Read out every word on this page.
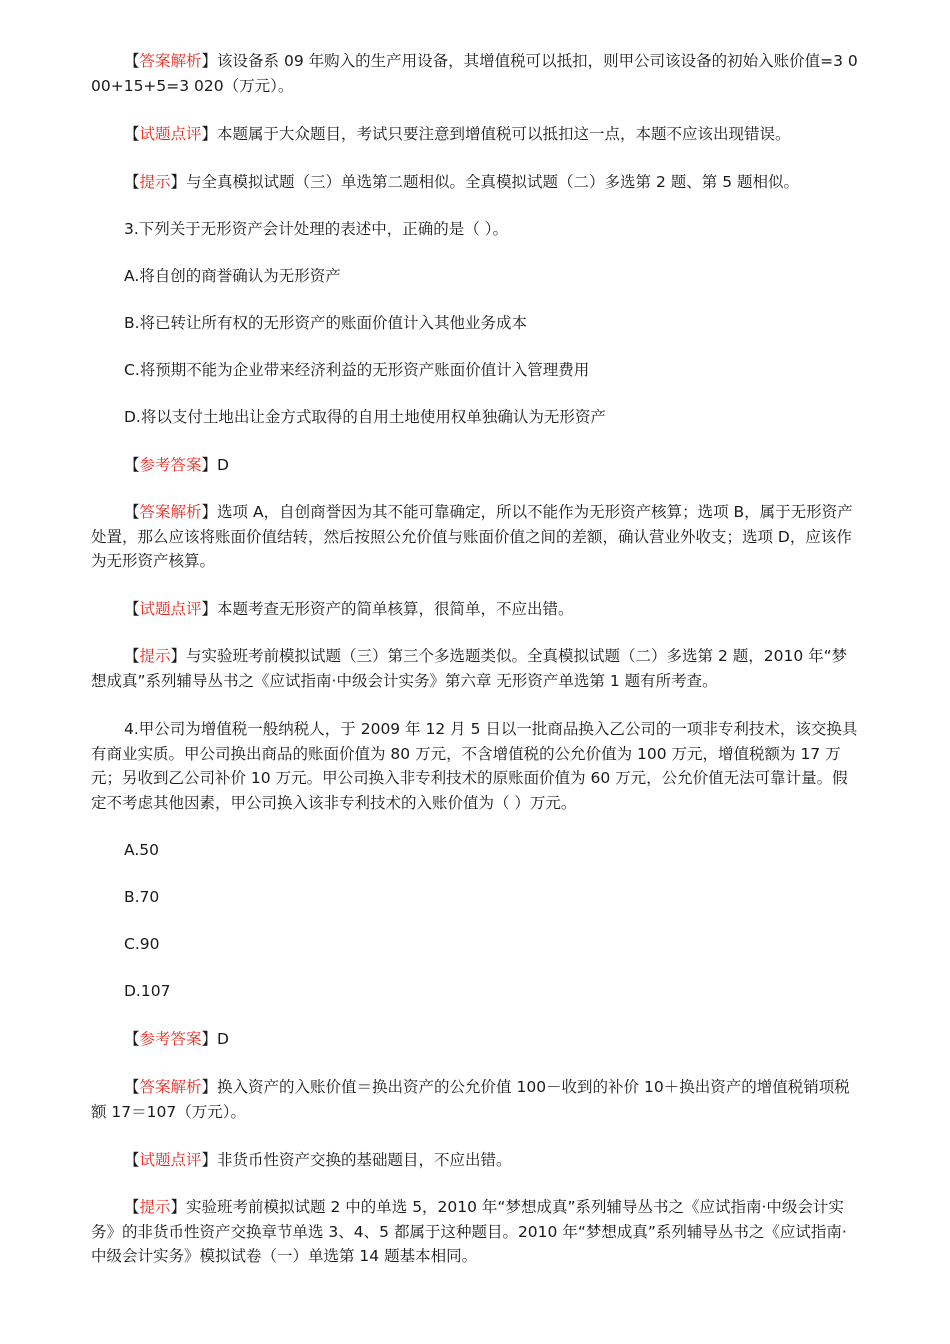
【答案解析】该设备系 09 年购入的生产用设备，其增值税可以抵扣，则甲公司该设备的初始入账价值=3 000+15+5=3 020（万元）。

【试题点评】本题属于大众题目，考试只要注意到增值税可以抵扣这一点，本题不应该出现错误。

【提示】与全真模拟试题（三）单选第二题相似。全真模拟试题（二）多选第 2 题、第 5 题相似。

3.下列关于无形资产会计处理的表述中，正确的是（ ）。

A.将自创的商誉确认为无形资产

B.将已转让所有权的无形资产的账面价值计入其他业务成本

C.将预期不能为企业带来经济利益的无形资产账面价值计入管理费用

D.将以支付土地出让金方式取得的自用土地使用权单独确认为无形资产

【参考答案】D

【答案解析】选项 A，自创商誉因为其不能可靠确定，所以不能作为无形资产核算；选项 B，属于无形资产处置，那么应该将账面价值结转，然后按照公允价值与账面价值之间的差额，确认营业外收支；选项 D，应该作为无形资产核算。

【试题点评】本题考查无形资产的简单核算，很简单，不应出错。

【提示】与实验班考前模拟试题（三）第三个多选题类似。全真模拟试题（二）多选第 2 题，2010 年“梦想成真”系列辅导丛书之《应试指南·中级会计实务》第六章 无形资产单选第 1 题有所考查。

4.甲公司为增值税一般纳税人，于 2009 年 12 月 5 日以一批商品换入乙公司的一项非专利技术，该交换具有商业实质。甲公司换出商品的账面价值为 80 万元，不含增值税的公允价值为 100 万元，增值税额为 17 万元；另收到乙公司补价 10 万元。甲公司换入非专利技术的原账面价值为 60 万元，公允价值无法可靠计量。假定不考虑其他因素，甲公司换入该非专利技术的入账价值为（ ）万元。

A.50

B.70

C.90

D.107

【参考答案】D

【答案解析】换入资产的入账价值＝换出资产的公允价值 100－收到的补价 10＋换出资产的增值税销项税额 17＝107（万元）。

【试题点评】非货币性资产交换的基础题目，不应出错。

【提示】实验班考前模拟试题 2 中的单选 5，2010 年“梦想成真”系列辅导丛书之《应试指南·中级会计实务》的非货币性资产交换章节单选 3、4、5 都属于这种题目。2010 年“梦想成真”系列辅导丛书之《应试指南·中级会计实务》模拟试卷（一）单选第 14 题基本相同。
